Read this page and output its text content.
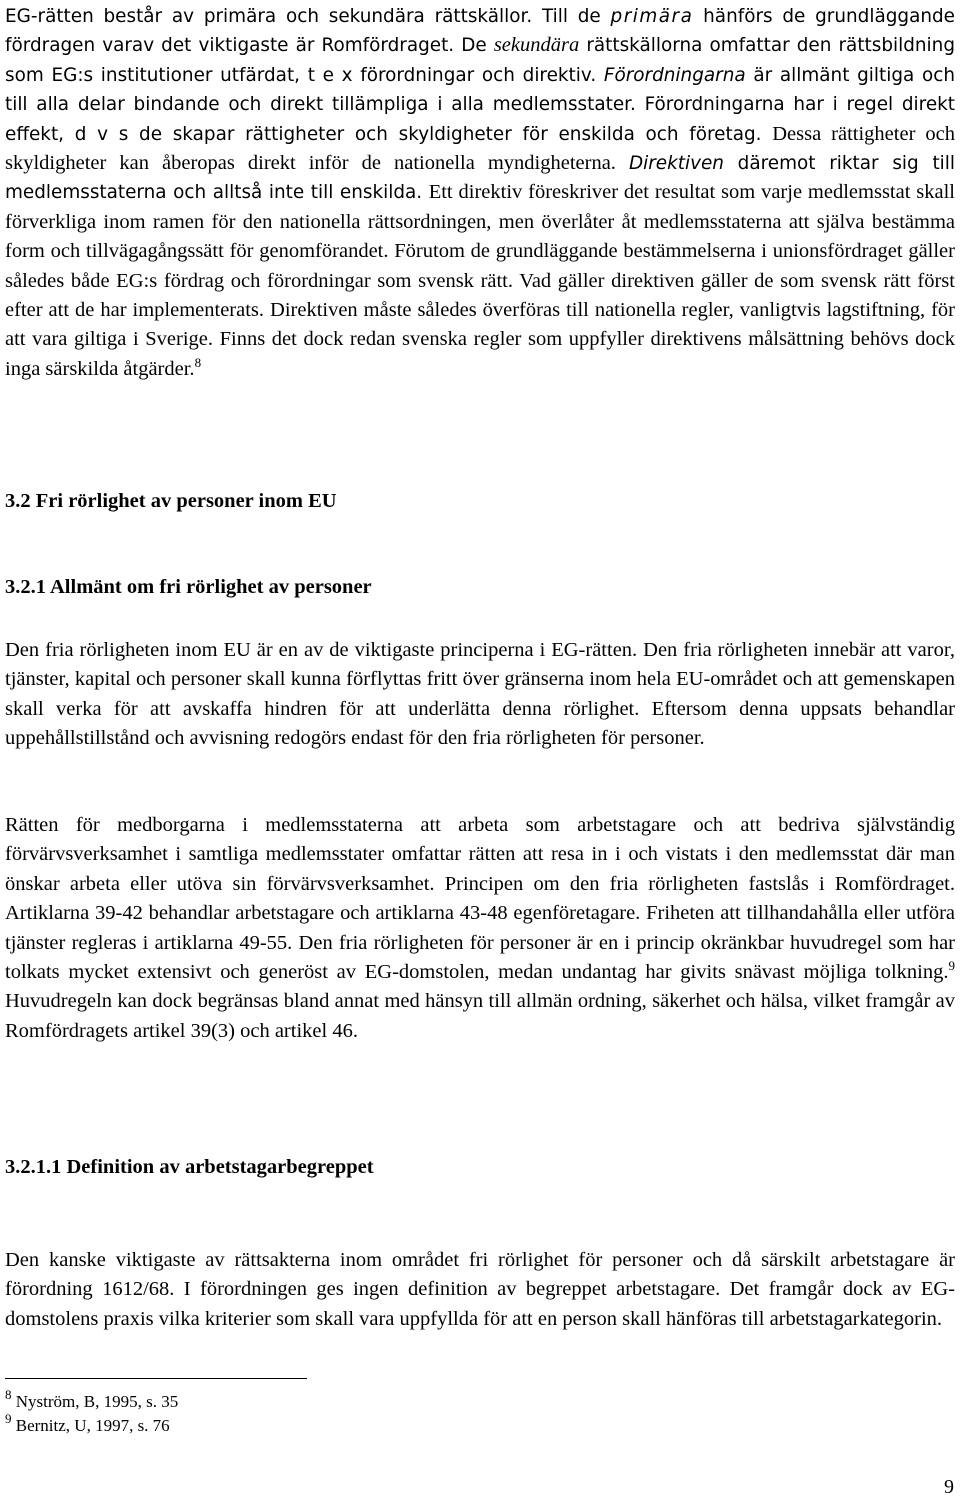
EG-rätten består av primära och sekundära rättskällor. Till de primära hänförs de grundläggande fördragen varav det viktigaste är Romfördraget. De sekundära rättskällorna omfattar den rättsbildning som EG:s institutioner utfärdat, t e x förordningar och direktiv. Förordningarna är allmänt giltiga och till alla delar bindande och direkt tillämpliga i alla medlemsstater. Förordningarna har i regel direkt effekt, d v s de skapar rättigheter och skyldigheter för enskilda och företag. Dessa rättigheter och skyldigheter kan åberopas direkt inför de nationella myndigheterna. Direktiven däremot riktar sig till medlemsstaterna och alltså inte till enskilda. Ett direktiv föreskriver det resultat som varje medlemsstat skall förverkliga inom ramen för den nationella rättsordningen, men överlåter åt medlemsstaterna att själva bestämma form och tillvägagångssätt för genomförandet. Förutom de grundläggande bestämmelserna i unionsfördraget gäller således både EG:s fördrag och förordningar som svensk rätt. Vad gäller direktiven gäller de som svensk rätt först efter att de har implementerats. Direktiven måste således överföras till nationella regler, vanligtvis lagstiftning, för att vara giltiga i Sverige. Finns det dock redan svenska regler som uppfyller direktivens målsättning behövs dock inga särskilda åtgärder.$^8$

3.2 Fri rörlighet av personer inom EU
3.2.1 Allmänt om fri rörlighet av personer

Den fria rörligheten inom EU är en av de viktigaste principerna i EG-rätten. Den fria rörligheten innebär att varor, tjänster, kapital och personer skall kunna förflyttas fritt över gränserna inom hela EU-området och att gemenskapen skall verka för att avskaffa hindren för att underlätta denna rörlighet. Eftersom denna uppsats behandlar uppehållstillstånd och avvisning redogörs endast för den fria rörligheten för personer.

Rätten för medborgarna i medlemsstaterna att arbeta som arbetstagare och att bedriva självständig förvärvsverksamhet i samtliga medlemsstater omfattar rätten att resa in i och vistats i den medlemsstat där man önskar arbeta eller utöva sin förvärvsverksamhet. Principen om den fria rörligheten fastslås i Romfördraget. Artiklarna 39-42 behandlar arbetstagare och artiklarna 43-48 egenföretagare. Friheten att tillhandahålla eller utföra tjänster regleras i artiklarna 49-55. Den fria rörligheten för personer är en i princip okränkbar huvudregel som har tolkats mycket extensivt och generöst av EG-domstolen, medan undantag har givits snävast möjliga tolkning.$^9$ Huvudregeln kan dock begränsas bland annat med hänsyn till allmän ordning, säkerhet och hälsa, vilket framgår av Romfördragets artikel 39(3) och artikel 46.

3.2.1.1 Definition av arbetstagarbegreppet

Den kanske viktigaste av rättsakterna inom området fri rörlighet för personer och då särskilt arbetstagare är förordning 1612/68. I förordningen ges ingen definition av begreppet arbetstagare. Det framgår dock av EG-domstolens praxis vilka kriterier som skall vara uppfyllda för att en person skall hänföras till arbetstagarkategorin.

$^8$ Nyström, B, 1995, s. 35
$^9$ Bernitz, U, 1997, s. 76
9
